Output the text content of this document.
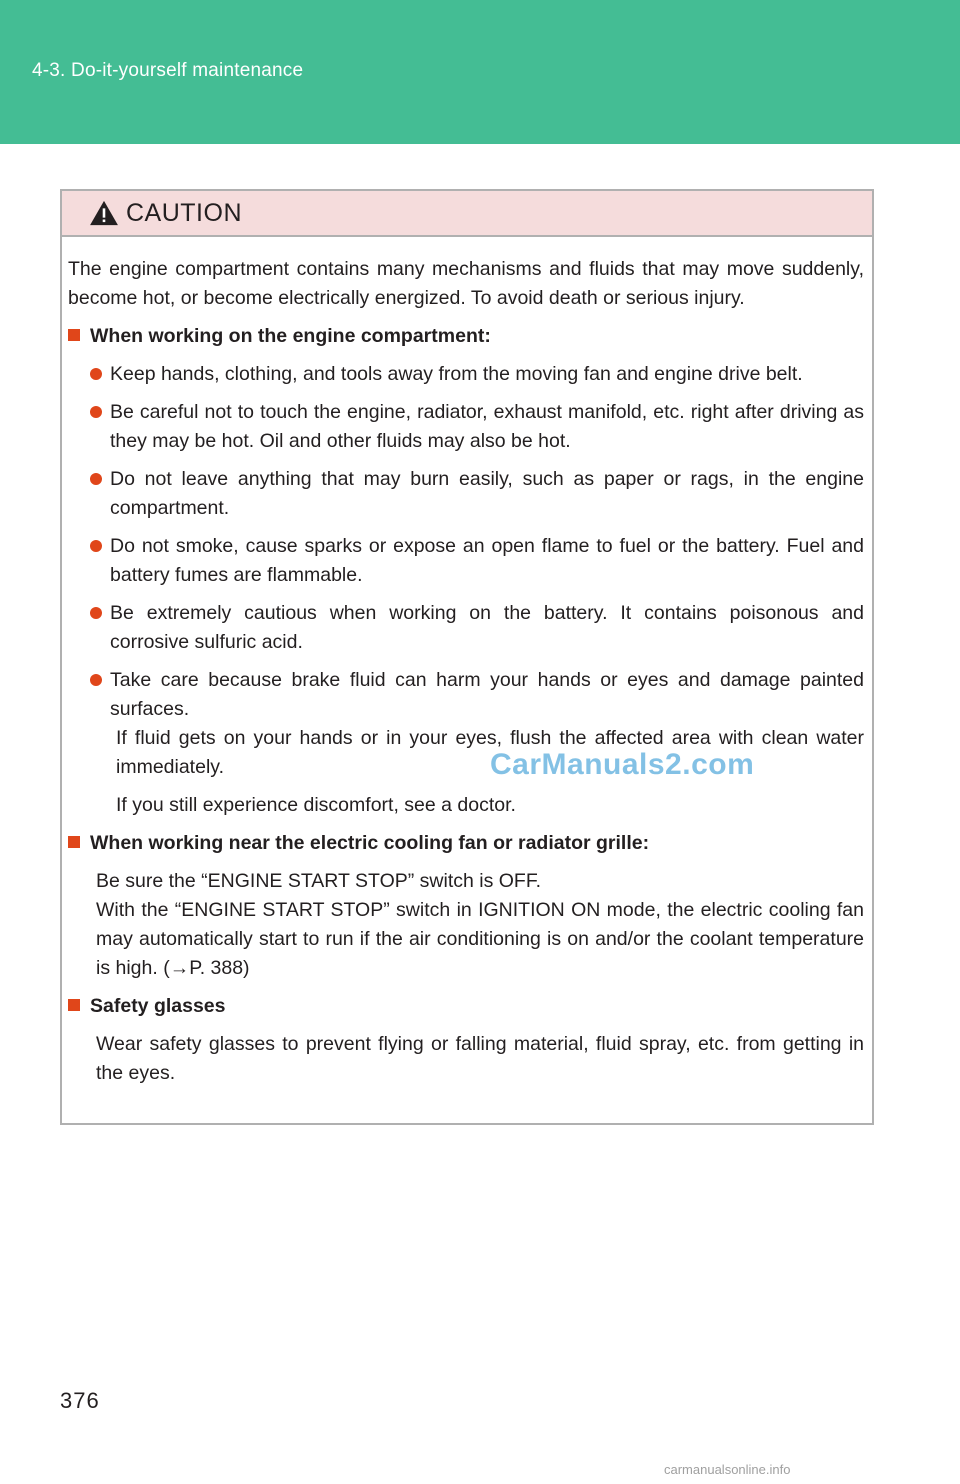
4-3. Do-it-yourself maintenance
CAUTION

The engine compartment contains many mechanisms and fluids that may move suddenly, become hot, or become electrically energized. To avoid death or serious injury.

When working on the engine compartment:
Keep hands, clothing, and tools away from the moving fan and engine drive belt.
Be careful not to touch the engine, radiator, exhaust manifold, etc. right after driving as they may be hot. Oil and other fluids may also be hot.
Do not leave anything that may burn easily, such as paper or rags, in the engine compartment.
Do not smoke, cause sparks or expose an open flame to fuel or the battery. Fuel and battery fumes are flammable.
Be extremely cautious when working on the battery. It contains poisonous and corrosive sulfuric acid.
Take care because brake fluid can harm your hands or eyes and damage painted surfaces.

If fluid gets on your hands or in your eyes, flush the affected area with clean water immediately.

If you still experience discomfort, see a doctor.

When working near the electric cooling fan or radiator grille:

Be sure the “ENGINE START STOP” switch is OFF.

With the “ENGINE START STOP” switch in IGNITION ON mode, the electric cooling fan may automatically start to run if the air conditioning is on and/or the coolant temperature is high. (→P. 388)

Safety glasses

Wear safety glasses to prevent flying or falling material, fluid spray, etc. from getting in the eyes.

CarManuals2.com
376
carmanualsonline.info
